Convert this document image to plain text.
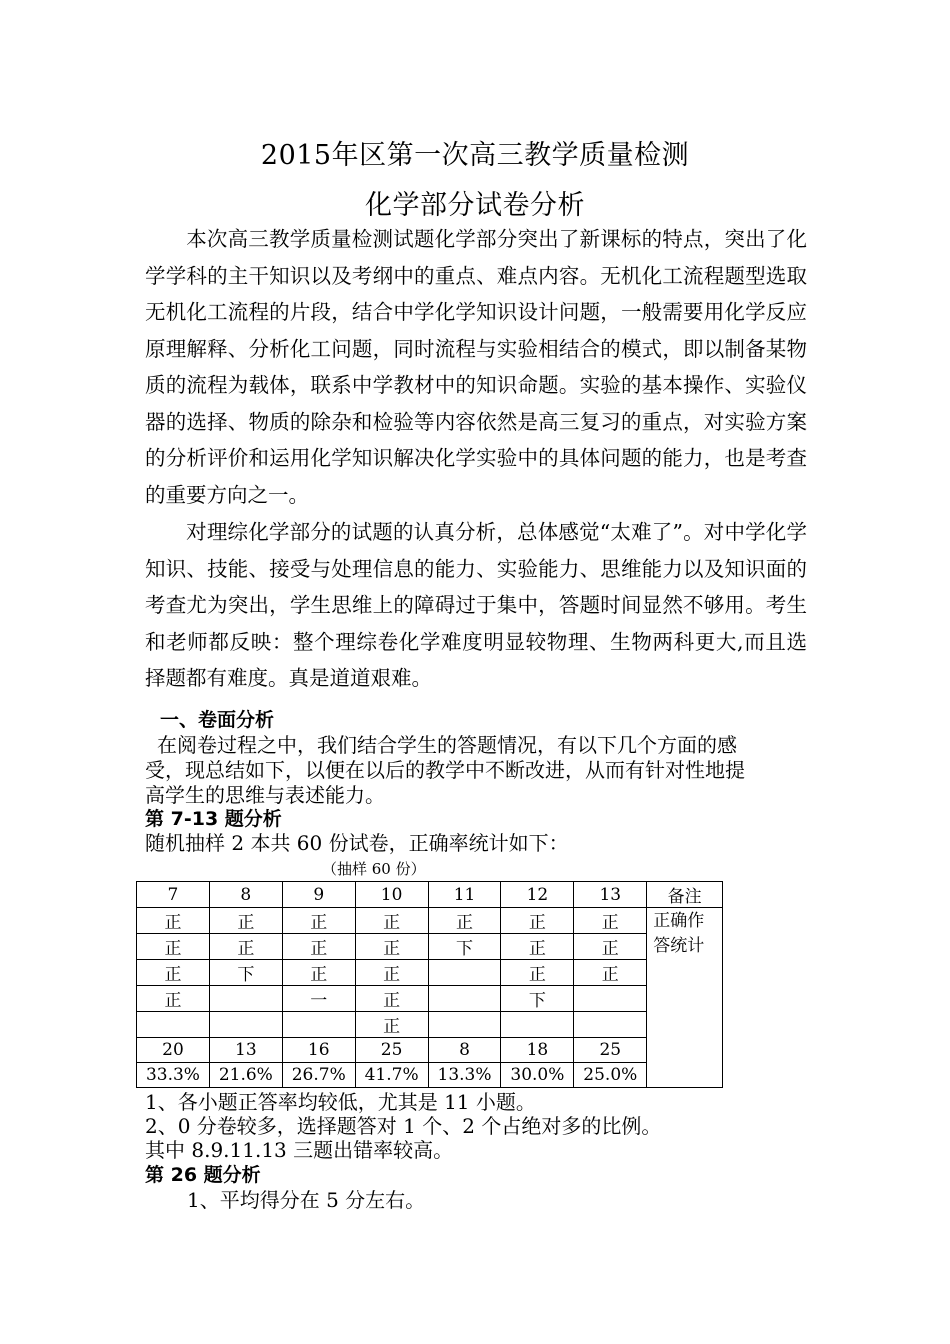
2015年区第一次高三教学质量检测
化学部分试卷分析

本次高三教学质量检测试题化学部分突出了新课标的特点，突出了化学学科的主干知识以及考纲中的重点、难点内容。无机化工流程题型选取无机化工流程的片段，结合中学化学知识设计问题，一般需要用化学反应原理解释、分析化工问题，同时流程与实验相结合的模式，即以制备某物质的流程为载体，联系中学教材中的知识命题。实验的基本操作、实验仪器的选择、物质的除杂和检验等内容依然是高三复习的重点，对实验方案的分析评价和运用化学知识解决化学实验中的具体问题的能力，也是考查的重要方向之一。

对理综化学部分的试题的认真分析，总体感觉“太难了”。对中学化学知识、技能、接受与处理信息的能力、实验能力、思维能力以及知识面的考查尤为突出，学生思维上的障碍过于集中，答题时间显然不够用。考生和老师都反映：整个理综卷化学难度明显较物理、生物两科更大,而且选择题都有难度。真是道道艰难。

一、卷面分析
在阅卷过程之中，我们结合学生的答题情况，有以下几个方面的感
受，现总结如下，以便在以后的教学中不断改进，从而有针对性地提
高学生的思维与表述能力。
第 7-13 题分析
随机抽样 2 本共 60 份试卷，正确率统计如下：
（抽样 60 份）
7	8	9	10	11	12	13	备注
正	正	正	正	正	正	正	正确作
答统计

正	正	正	正	下	正	正	
正	下	正	正		正	正	
正		一	正		下		
			正				
20	13	16	25	8	18	25	
33.3%	21.6%	26.7%	41.7%	13.3%	30.0%	25.0%	
1、各小题正答率均较低，尤其是 11 小题。
2、0 分卷较多，选择题答对 1 个、2 个占绝对多的比例。
其中 8.9.11.13 三题出错率较高。
第 26 题分析
1、平均得分在 5 分左右。
